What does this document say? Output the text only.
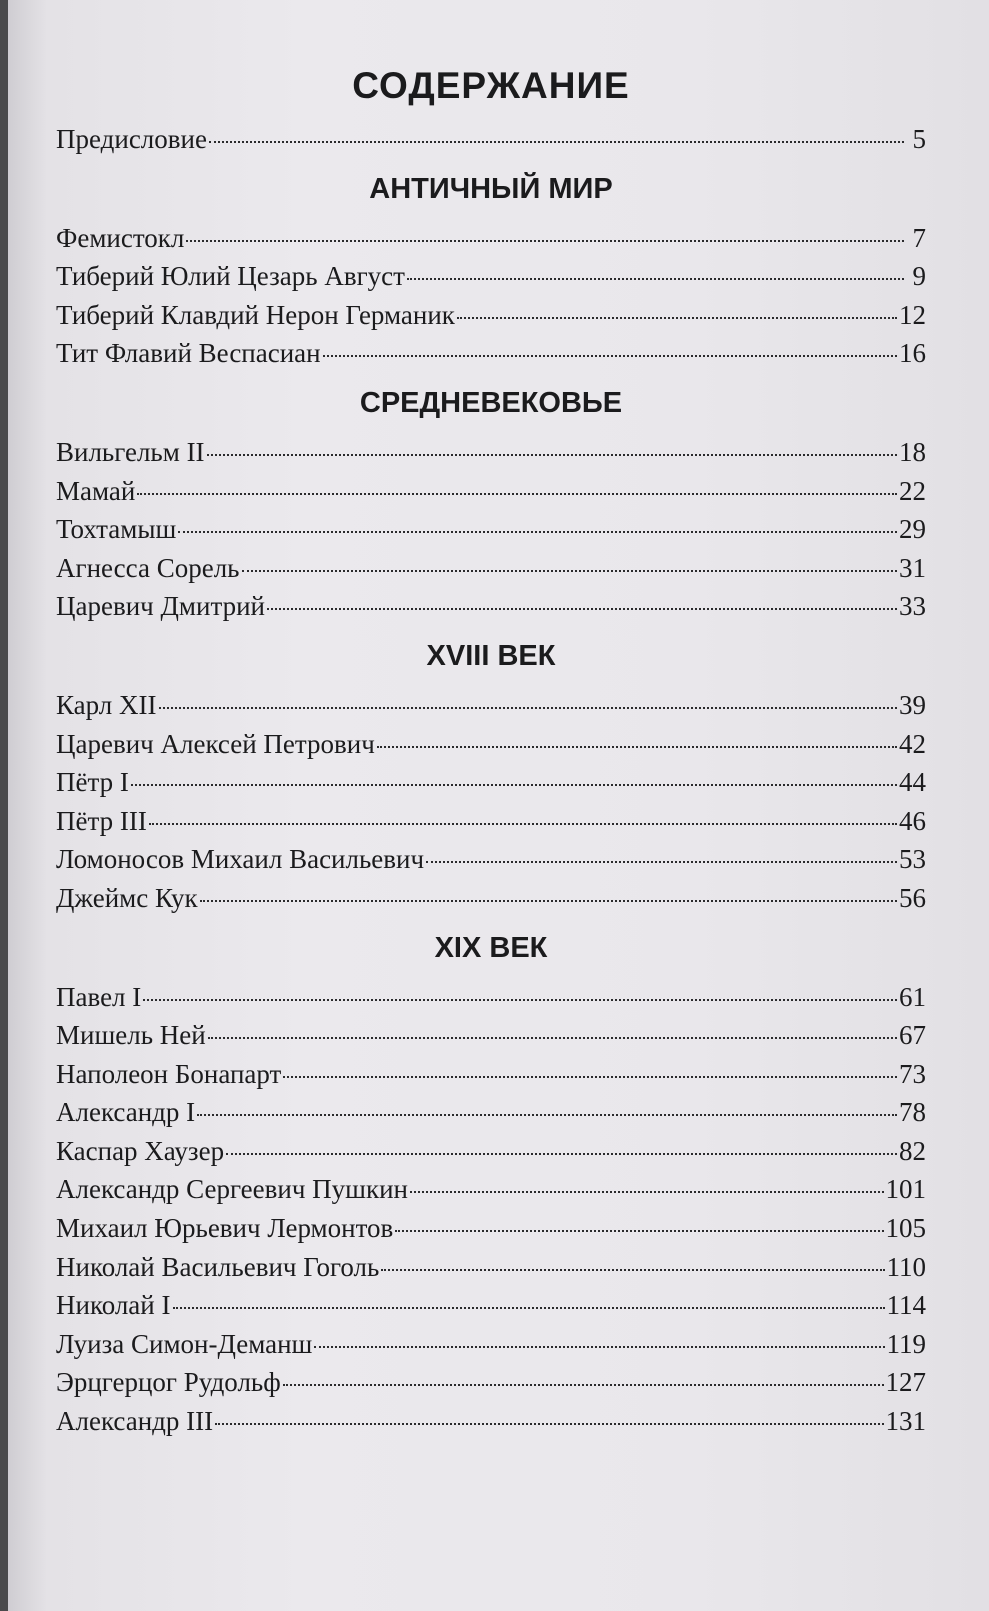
СОДЕРЖАНИЕ
Предисловие	5
АНТИЧНЫЙ МИР
Фемистокл	7
Тиберий Юлий Цезарь Август	9
Тиберий Клавдий Нерон Германик	12
Тит Флавий Веспасиан	16
СРЕДНЕВЕКОВЬЕ
Вильгельм II	18
Мамай	22
Тохтамыш	29
Агнесса Сорель	31
Царевич Дмитрий	33
XVIII ВЕК
Карл XII	39
Царевич Алексей Петрович	42
Пётр I	44
Пётр III	46
Ломоносов Михаил Васильевич	53
Джеймс Кук	56
XIX ВЕК
Павел I	61
Мишель Ней	67
Наполеон Бонапарт	73
Александр I	78
Каспар Хаузер	82
Александр Сергеевич Пушкин	101
Михаил Юрьевич Лермонтов	105
Николай Васильевич Гоголь	110
Николай I	114
Луиза Симон-Деманш	119
Эрцгерцог Рудольф	127
Александр III	131
